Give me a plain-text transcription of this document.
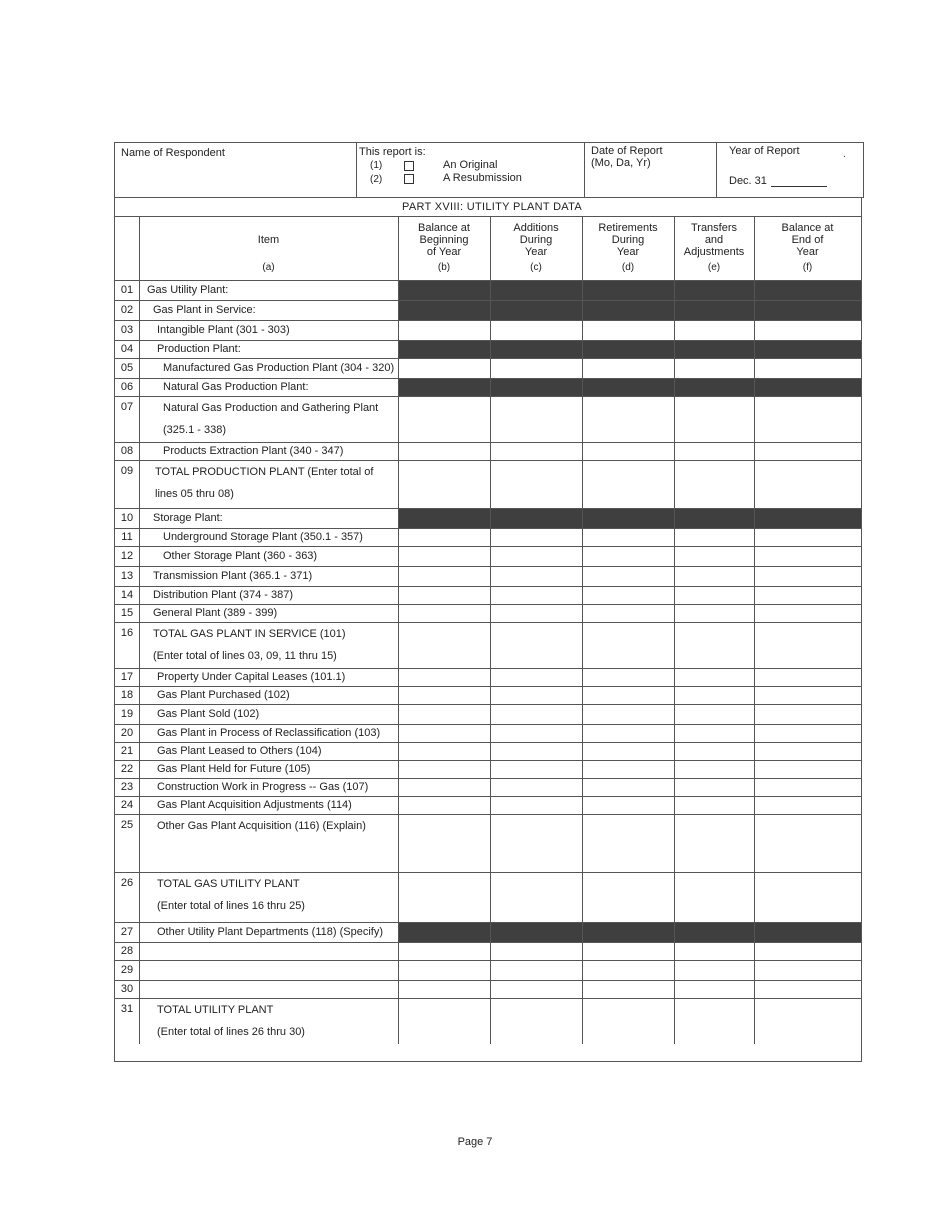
Name of Respondent	This report is:
(1)	An Original
(2)	A Resubmission
Date of Report
(Mo, Da, Yr)
Year of Report
Dec. 31
.
PART XVIII: UTILITY PLANT DATA
Item
(a)
Balance at
Beginning
of Year
(b)
Additions
During
Year
(c)
Retirements
During
Year
(d)
Transfers
and
Adjustments
(e)
Balance at
End of
Year
(f)
01	Gas Utility Plant:
02	Gas Plant in Service:
03	Intangible Plant (301 - 303)
04	Production Plant:
05	Manufactured Gas Production Plant (304 - 320)
06	Natural Gas Production Plant:
07	Natural Gas Production and Gathering Plant
(325.1 - 338)
08	Products Extraction Plant (340 - 347)
09	TOTAL PRODUCTION PLANT (Enter total of
lines 05 thru 08)
10	Storage Plant:
11	Underground Storage Plant (350.1 - 357)
12	Other Storage Plant (360 - 363)
13	Transmission Plant (365.1 - 371)
14	Distribution Plant (374 - 387)
15	General Plant (389 - 399)
16	TOTAL GAS PLANT IN SERVICE (101)
(Enter total of lines 03, 09, 11 thru 15)
17	Property Under Capital Leases (101.1)
18	Gas Plant Purchased (102)
19	Gas Plant Sold (102)
20	Gas Plant in Process of Reclassification (103)
21	Gas Plant Leased to Others (104)
22	Gas Plant Held for Future (105)
23	Construction Work in Progress -- Gas (107)
24	Gas Plant Acquisition Adjustments (114)
25	Other Gas Plant Acquisition (116) (Explain)
26	TOTAL GAS UTILITY PLANT
(Enter total of lines 16 thru 25)
27	Other Utility Plant Departments (118) (Specify)
28
29
30
31	TOTAL UTILITY PLANT
(Enter total of lines 26 thru 30)
Page 7
